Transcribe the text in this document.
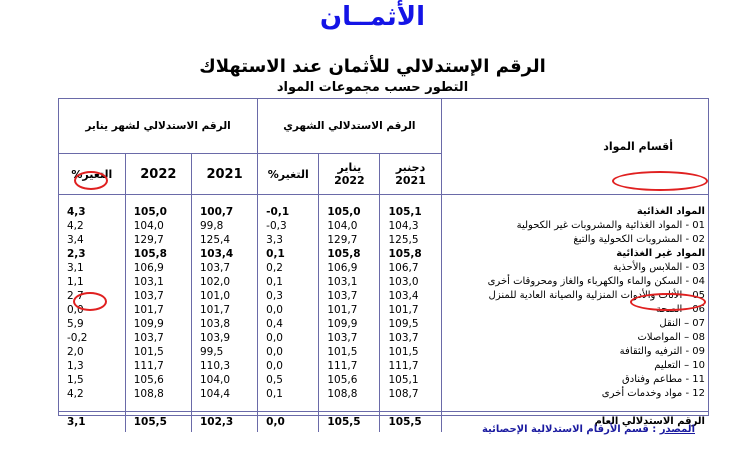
الأثمــان
الرقم الإستدلالي للأثمان عند الاستهلاك
التطور حسب مجموعات المواد
أقسام المواد	الرقم الاستدلالي الشهري			الرقم الاستدلالي لشهر يناير		
	دجنبر
2021	يناير
2022	التغير%	2021	2022	التغير%

المواد الغذائية	105,1	105,0	-0,1	100,7	105,0	4,3
01 - المواد الغذائية والمشروبات غير الكحولية	104,3	104,0	-0,3	99,8	104,0	4,2
02 - المشروبات الكحولية والتبغ	125,5	129,7	3,3	125,4	129,7	3,4
المواد غير الغذائية	105,8	105,8	0,1	103,4	105,8	2,3
03 - الملابس والأحذية	106,7	106,9	0,2	103,7	106,9	3,1
04 - السكن والماء والكهرباء والغاز ومحروقات أخرى	103,0	103,1	0,1	102,0	103,1	1,1
05 - الأثاث والأدوات المنزلية والصيانة العادية للمنزل	103,4	103,7	0,3	101,0	103,7	2,7
06 - الصحة	101,7	101,7	0,0	101,7	101,7	0,0
07 – النقل	109,5	109,9	0,4	103,8	109,9	5,9
08 – المواصلات	103,7	103,7	0,0	103,9	103,7	-0,2
09 - الترفيه والثقافة	101,5	101,5	0,0	99,5	101,5	2,0
10 – التعليم	111,7	111,7	0,0	110,3	111,7	1,3
11 - مطاعم وفنادق	105,1	105,6	0,5	104,0	105,6	1,5
12 - مواد وخدمات أخرى	108,7	108,8	0,1	104,4	108,8	4,2

الرقم الاستدلالي العام	105,5	105,5	0,0	102,3	105,5	3,1
المصدر : قسم الأرقام الاستدلالية الإحصائية
